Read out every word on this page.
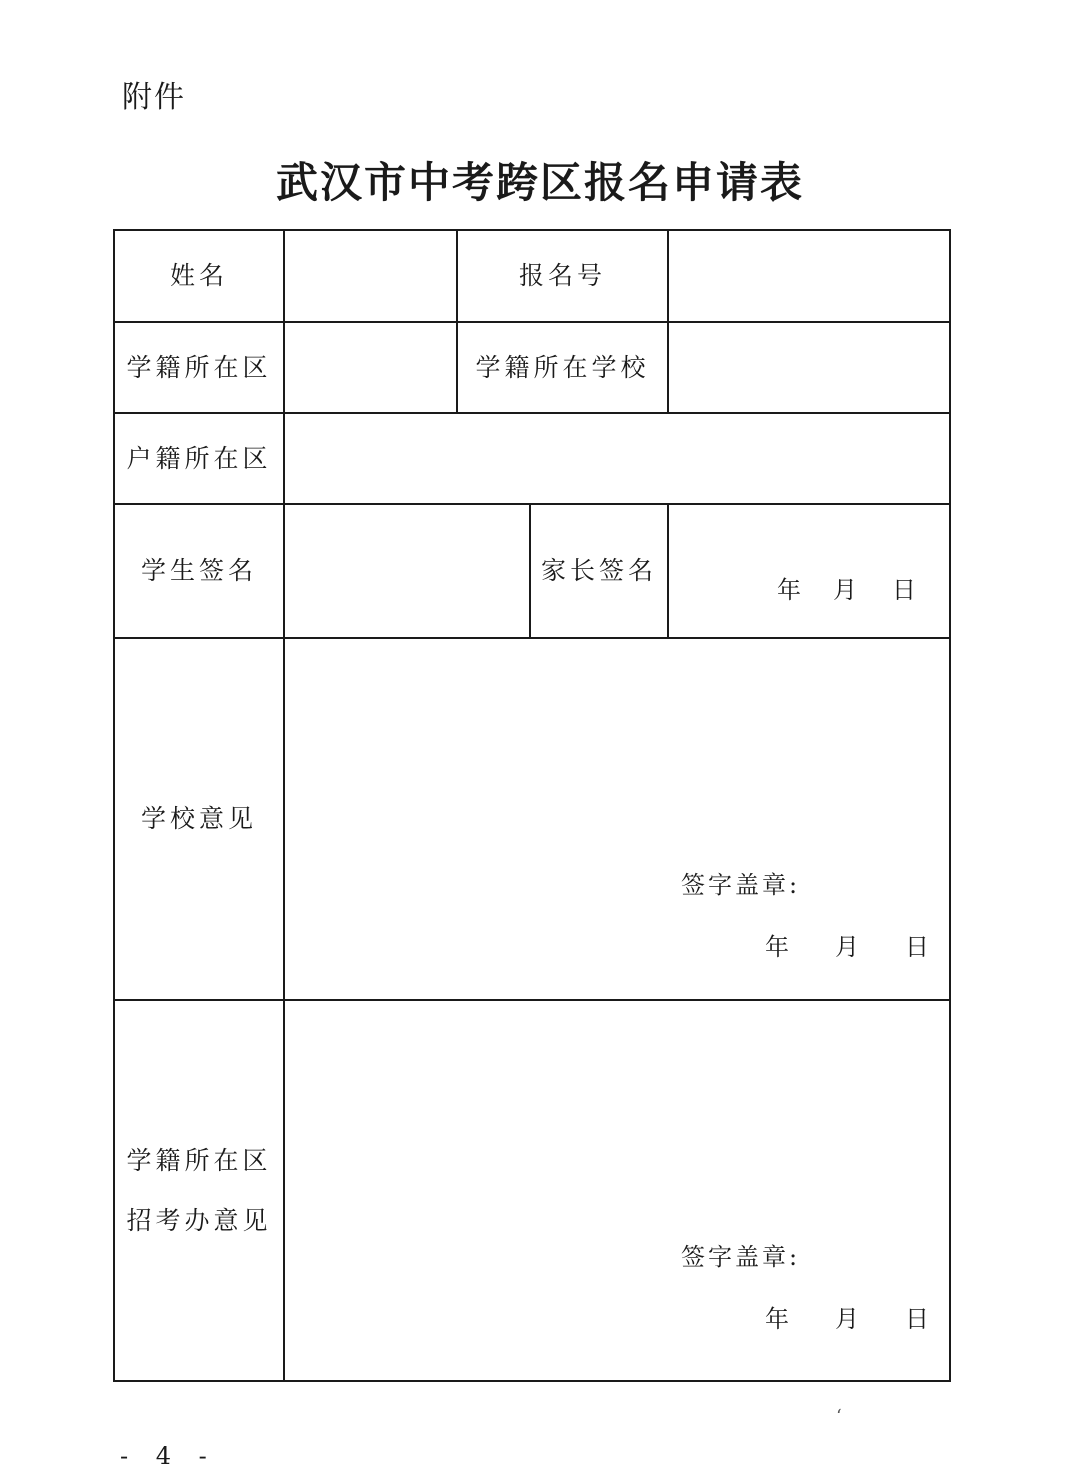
附件
武汉市中考跨区报名申请表
姓名	报名号
学籍所在区	学籍所在学校
户籍所在区
学生签名	家长签名
年 月 日
学校意见
签字盖章:
年 月 日
学籍所在区
招考办意见
签字盖章:
年 月 日
ʻ
- 4 -
